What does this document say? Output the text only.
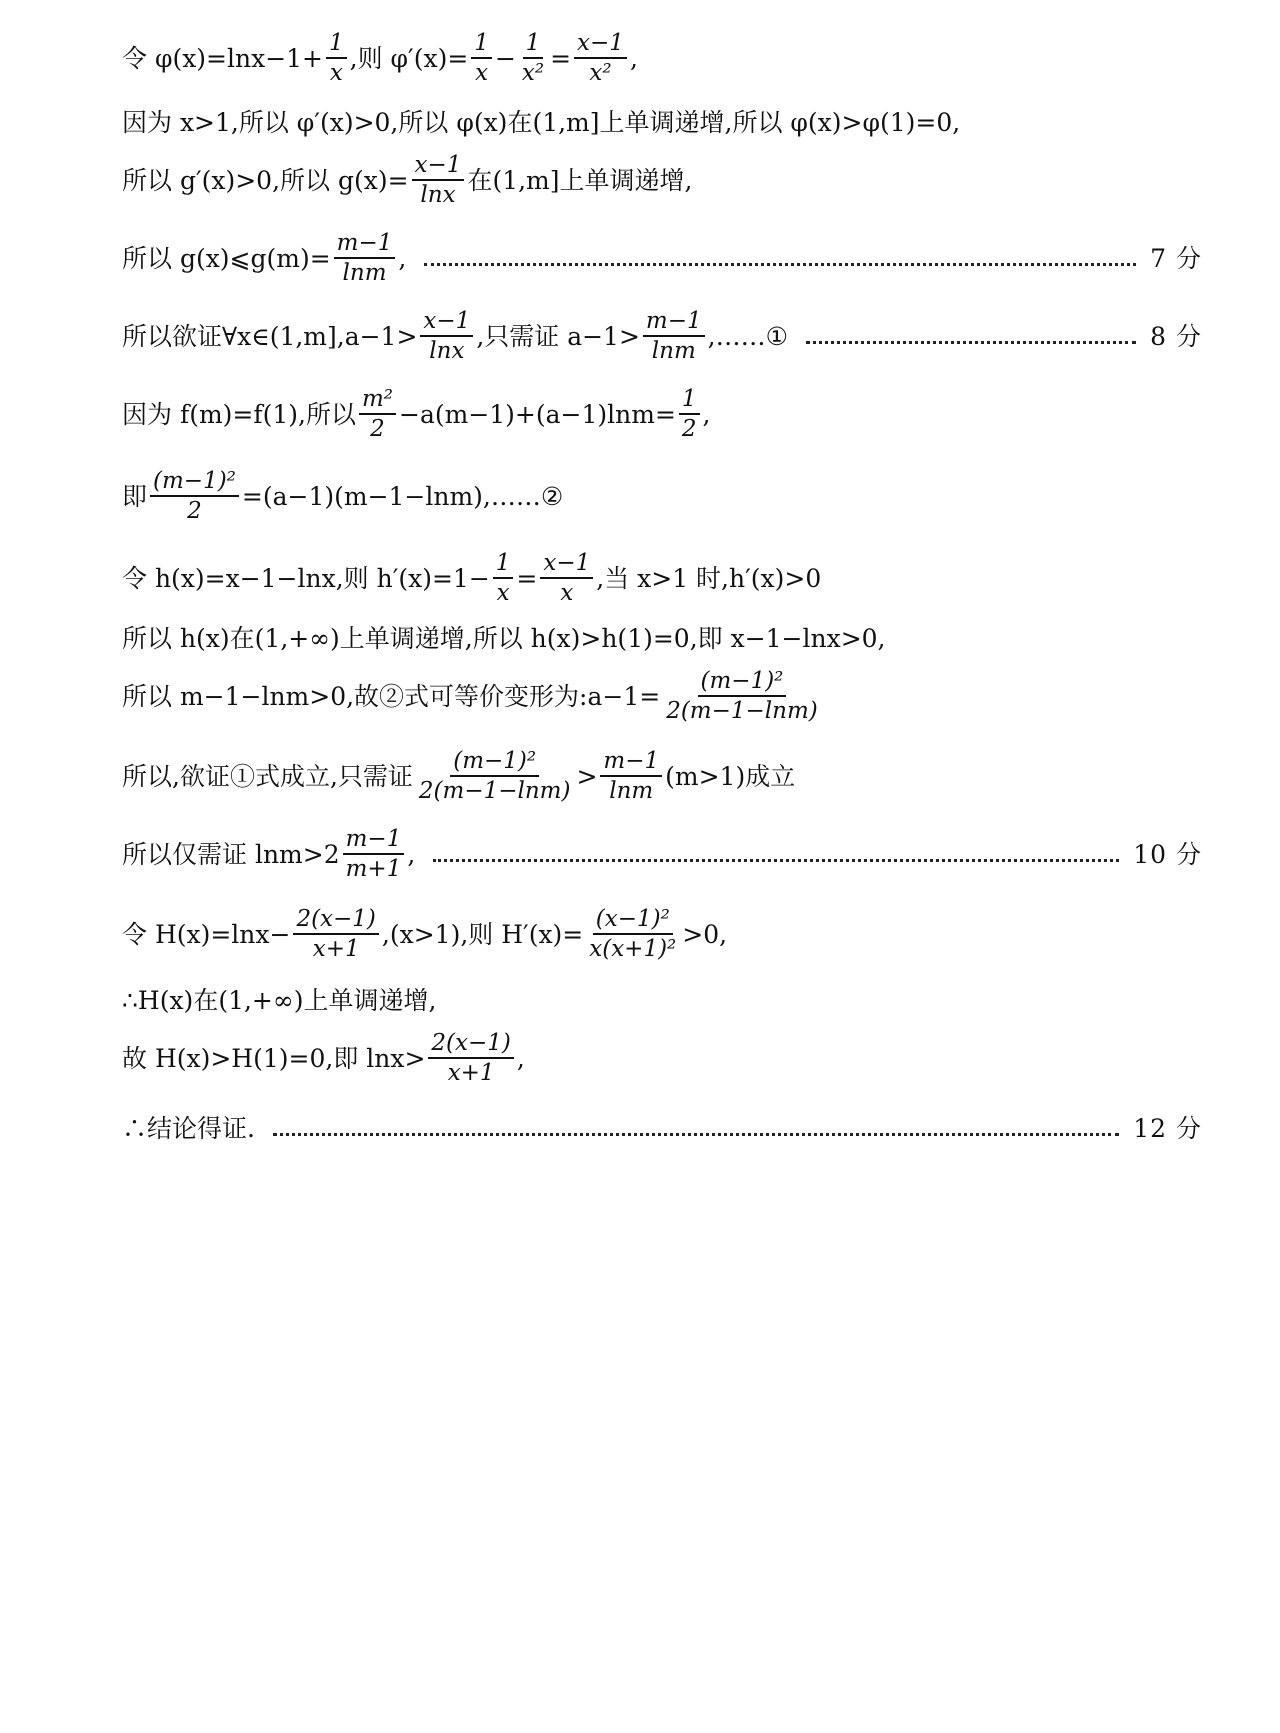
令 $\varphi(x)=\ln x-1+ \frac{1}{x}$ ,则 $\varphi'(x)= \frac{1}{x} - \frac{1}{\text{x²}} = \frac{x-1}{\text{x²}}$ ,
因为 x>1,所以 φ′(x)>0,所以 φ(x)在(1,m]上单调递增,所以 φ(x)>φ(1)=0,
所以 g′(x)>0,所以 $g(x)= \frac{x-1}{\ln x}$ 在(1,m]上单调递增,
所以 g(x)⩽g(m)= $\frac{m-1}{\ln m}$ ,	7 分
所以欲证∀x∈(1,m],a−1> $\frac{x-1}{\ln x}$ ,只需证 $a-1> \frac{m-1}{\ln m}$ ,……①	8 分
因为 f(m)=f(1),所以 $\frac{\text{m²}}{2} -a(m-1)+(a-1)\ln m= \frac{1}{2}$ ,
即 $\frac{\text{(m−1)²}}{2}$ =(a−1)(m−1−lnm),……②
令 h(x)=x−1−lnx,则 $h'(x)=1- \frac{1}{x} = \frac{x-1}{x}$ ,当 x>1 时,h′(x)>0
所以 h(x)在(1,+∞)上单调递增,所以 h(x)>h(1)=0,即 x−1−lnx>0,
所以 m−1−lnm>0,故②式可等价变形为:a−1= $\frac{\text{(m−1)²}}{2(m-1-\ln m)}$
所以,欲证①式成立,只需证 $\frac{\text{(m−1)²}}{2(m-1-\ln m)} > \frac{m-1}{\ln m} (m>1)$成立
所以仅需证 $\ln m>2 \frac{m-1}{m+1}$ ,	10 分
令 $H(x)=\ln x- \frac{2(x-1)}{x+1} ,(x>1)$,则 $H'(x)= \frac{\text{(x−1)²}}{\text{x(x+1)²}} >0$,
∴H(x)在(1,+∞)上单调递增,
故 H(x)>H(1)=0,即 $\ln x> \frac{2(x-1)}{x+1}$ ,
∴结论得证.	12 分
